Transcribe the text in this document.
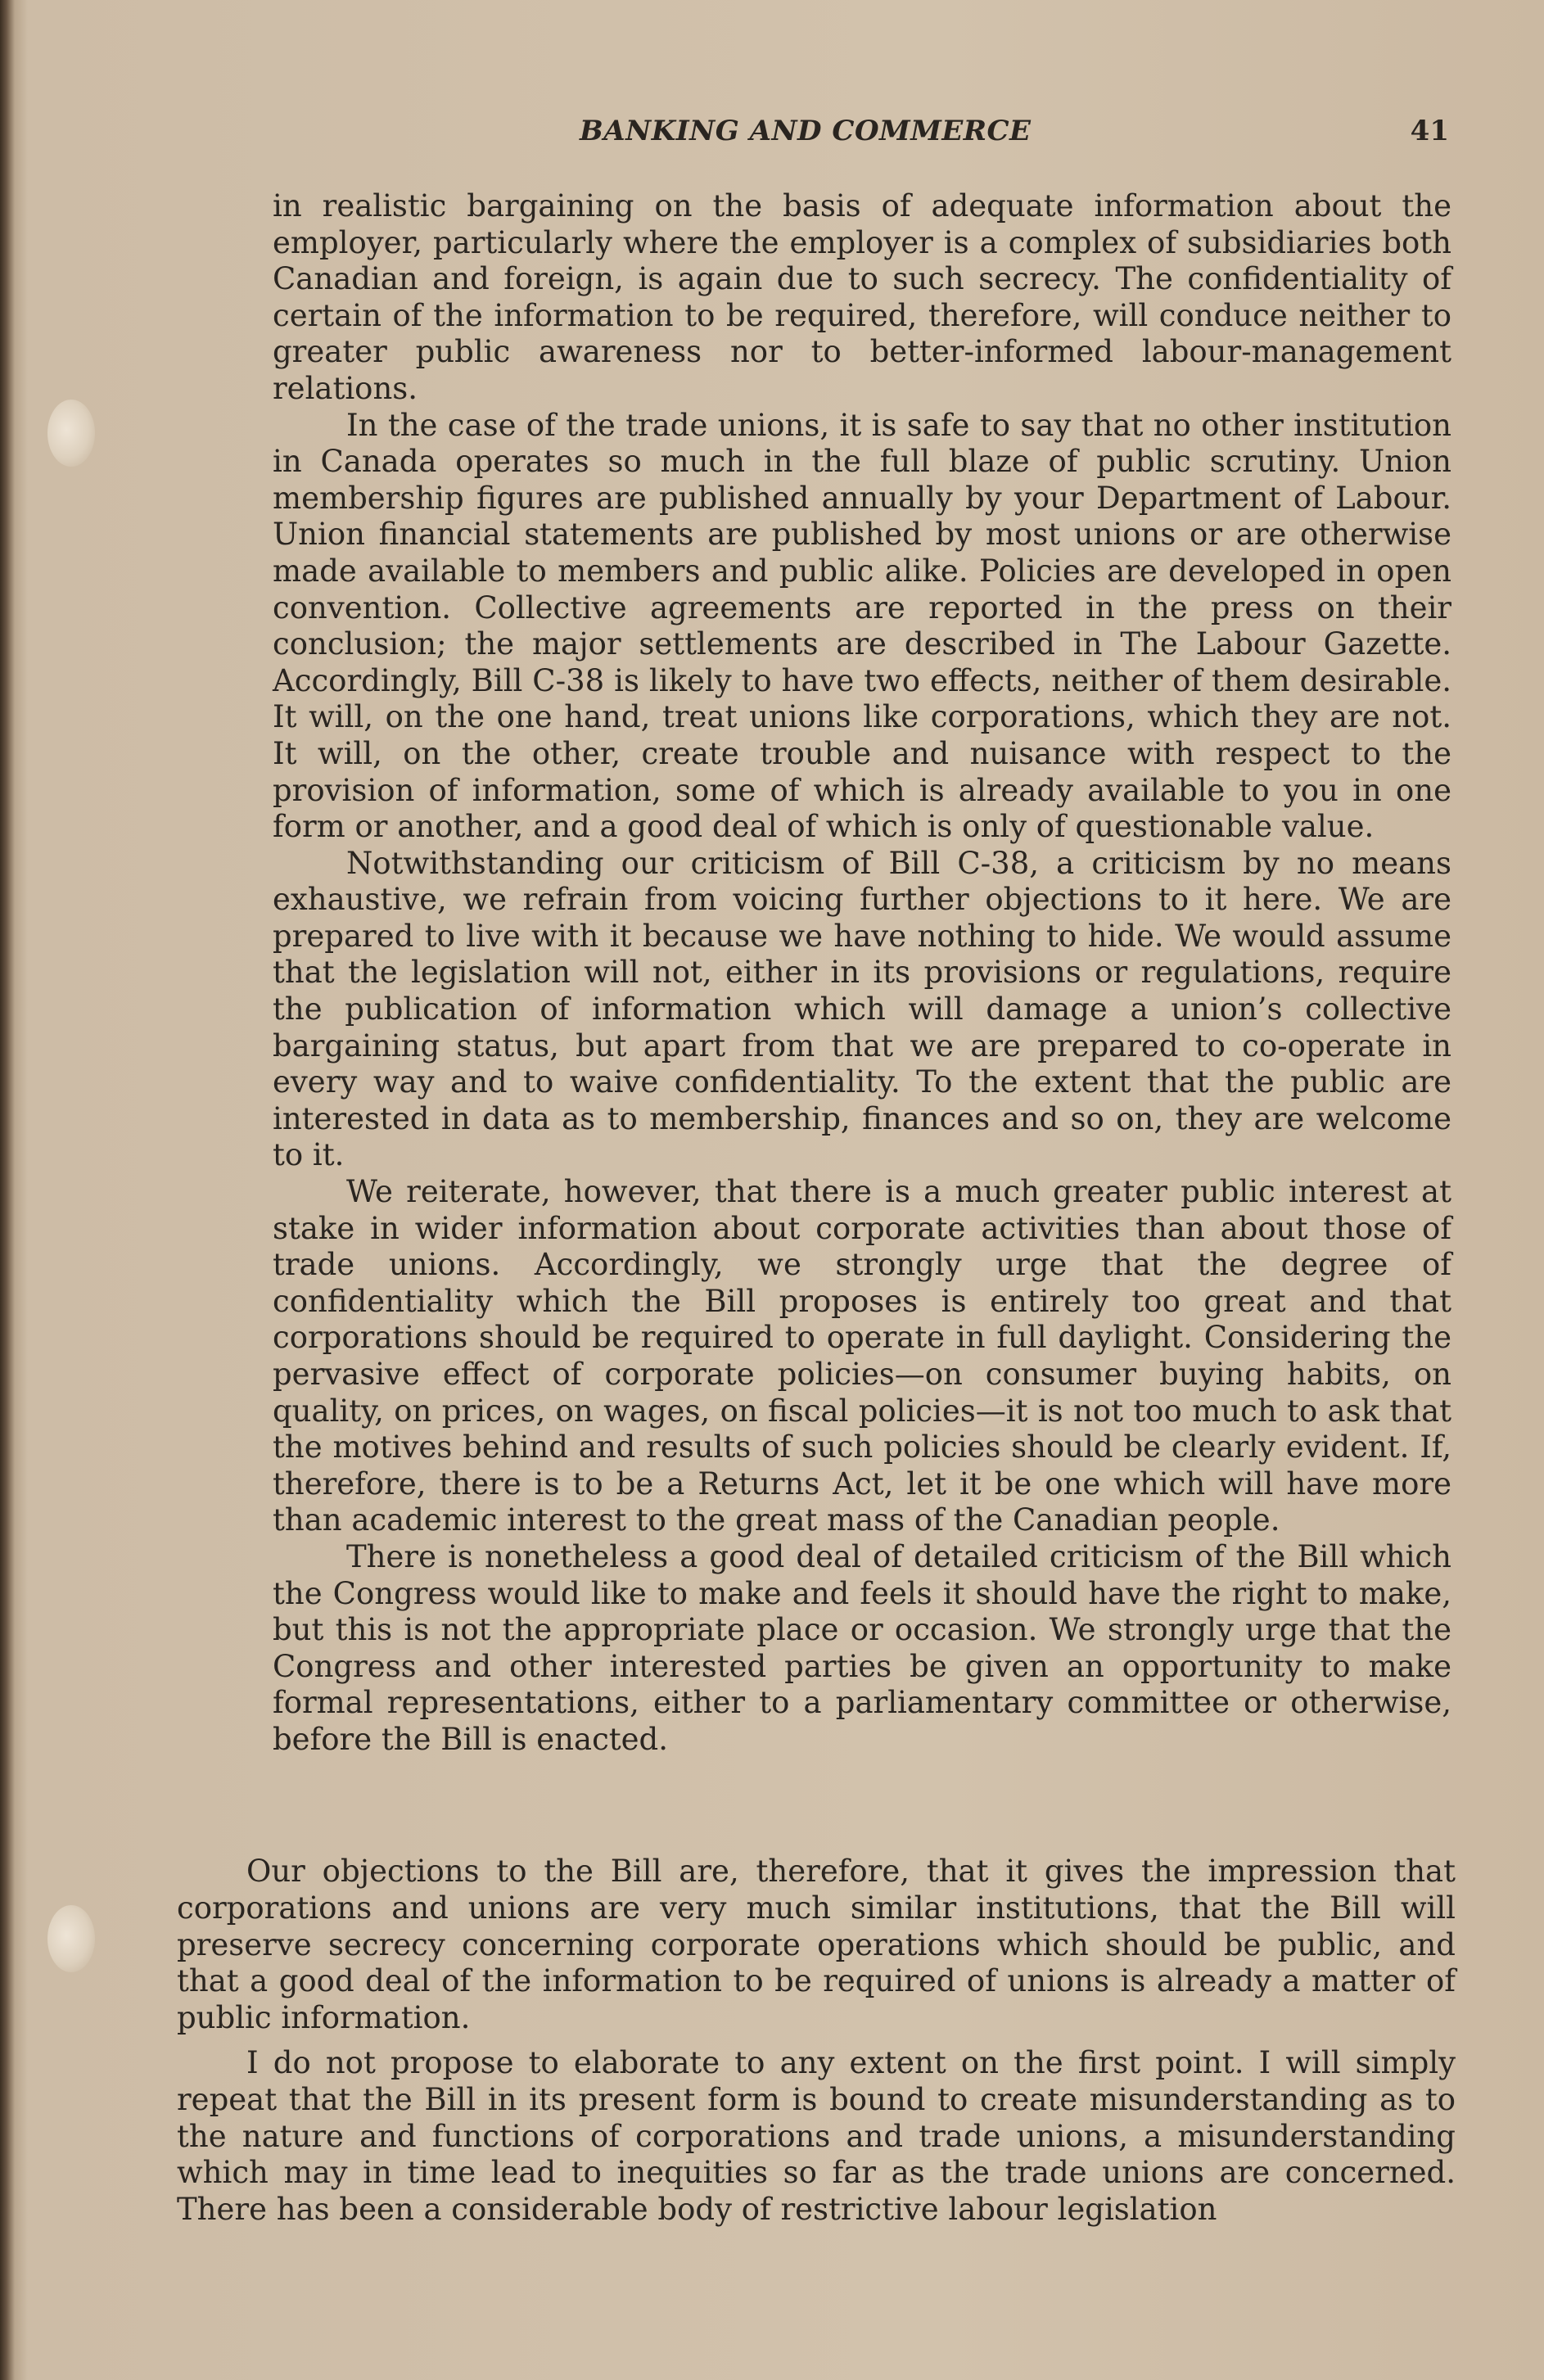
BANKING AND COMMERCE	41

in realistic bargaining on the basis of adequate information about the employer, particularly where the employer is a complex of subsidiaries both Canadian and foreign, is again due to such secrecy. The confidentiality of certain of the information to be required, therefore, will conduce neither to greater public awareness nor to better-informed labour-management relations.

In the case of the trade unions, it is safe to say that no other institution in Canada operates so much in the full blaze of public scrutiny. Union membership figures are published annually by your Department of Labour. Union financial statements are published by most unions or are otherwise made available to members and public alike. Policies are developed in open convention. Collective agreements are reported in the press on their conclusion; the major settlements are described in The Labour Gazette. Accordingly, Bill C-38 is likely to have two effects, neither of them desirable. It will, on the one hand, treat unions like corporations, which they are not. It will, on the other, create trouble and nuisance with respect to the provision of information, some of which is already available to you in one form or another, and a good deal of which is only of questionable value.

Notwithstanding our criticism of Bill C-38, a criticism by no means exhaustive, we refrain from voicing further objections to it here. We are prepared to live with it because we have nothing to hide. We would assume that the legislation will not, either in its provisions or regulations, require the publication of information which will damage a union’s collective bargaining status, but apart from that we are prepared to co-operate in every way and to waive confidentiality. To the extent that the public are interested in data as to membership, finances and so on, they are welcome to it.

We reiterate, however, that there is a much greater public interest at stake in wider information about corporate activities than about those of trade unions. Accordingly, we strongly urge that the degree of confidentiality which the Bill proposes is entirely too great and that corporations should be required to operate in full daylight. Considering the pervasive effect of corporate policies—on consumer buying habits, on quality, on prices, on wages, on fiscal policies—it is not too much to ask that the motives behind and results of such policies should be clearly evident. If, therefore, there is to be a Returns Act, let it be one which will have more than academic interest to the great mass of the Canadian people.

There is nonetheless a good deal of detailed criticism of the Bill which the Congress would like to make and feels it should have the right to make, but this is not the appropriate place or occasion. We strongly urge that the Congress and other interested parties be given an opportunity to make formal representations, either to a parliamentary committee or otherwise, before the Bill is enacted.

Our objections to the Bill are, therefore, that it gives the impression that corporations and unions are very much similar institutions, that the Bill will preserve secrecy concerning corporate operations which should be public, and that a good deal of the information to be required of unions is already a matter of public information.

I do not propose to elaborate to any extent on the first point. I will simply repeat that the Bill in its present form is bound to create misunderstanding as to the nature and functions of corporations and trade unions, a misunderstanding which may in time lead to inequities so far as the trade unions are concerned. There has been a considerable body of restrictive labour legislation
